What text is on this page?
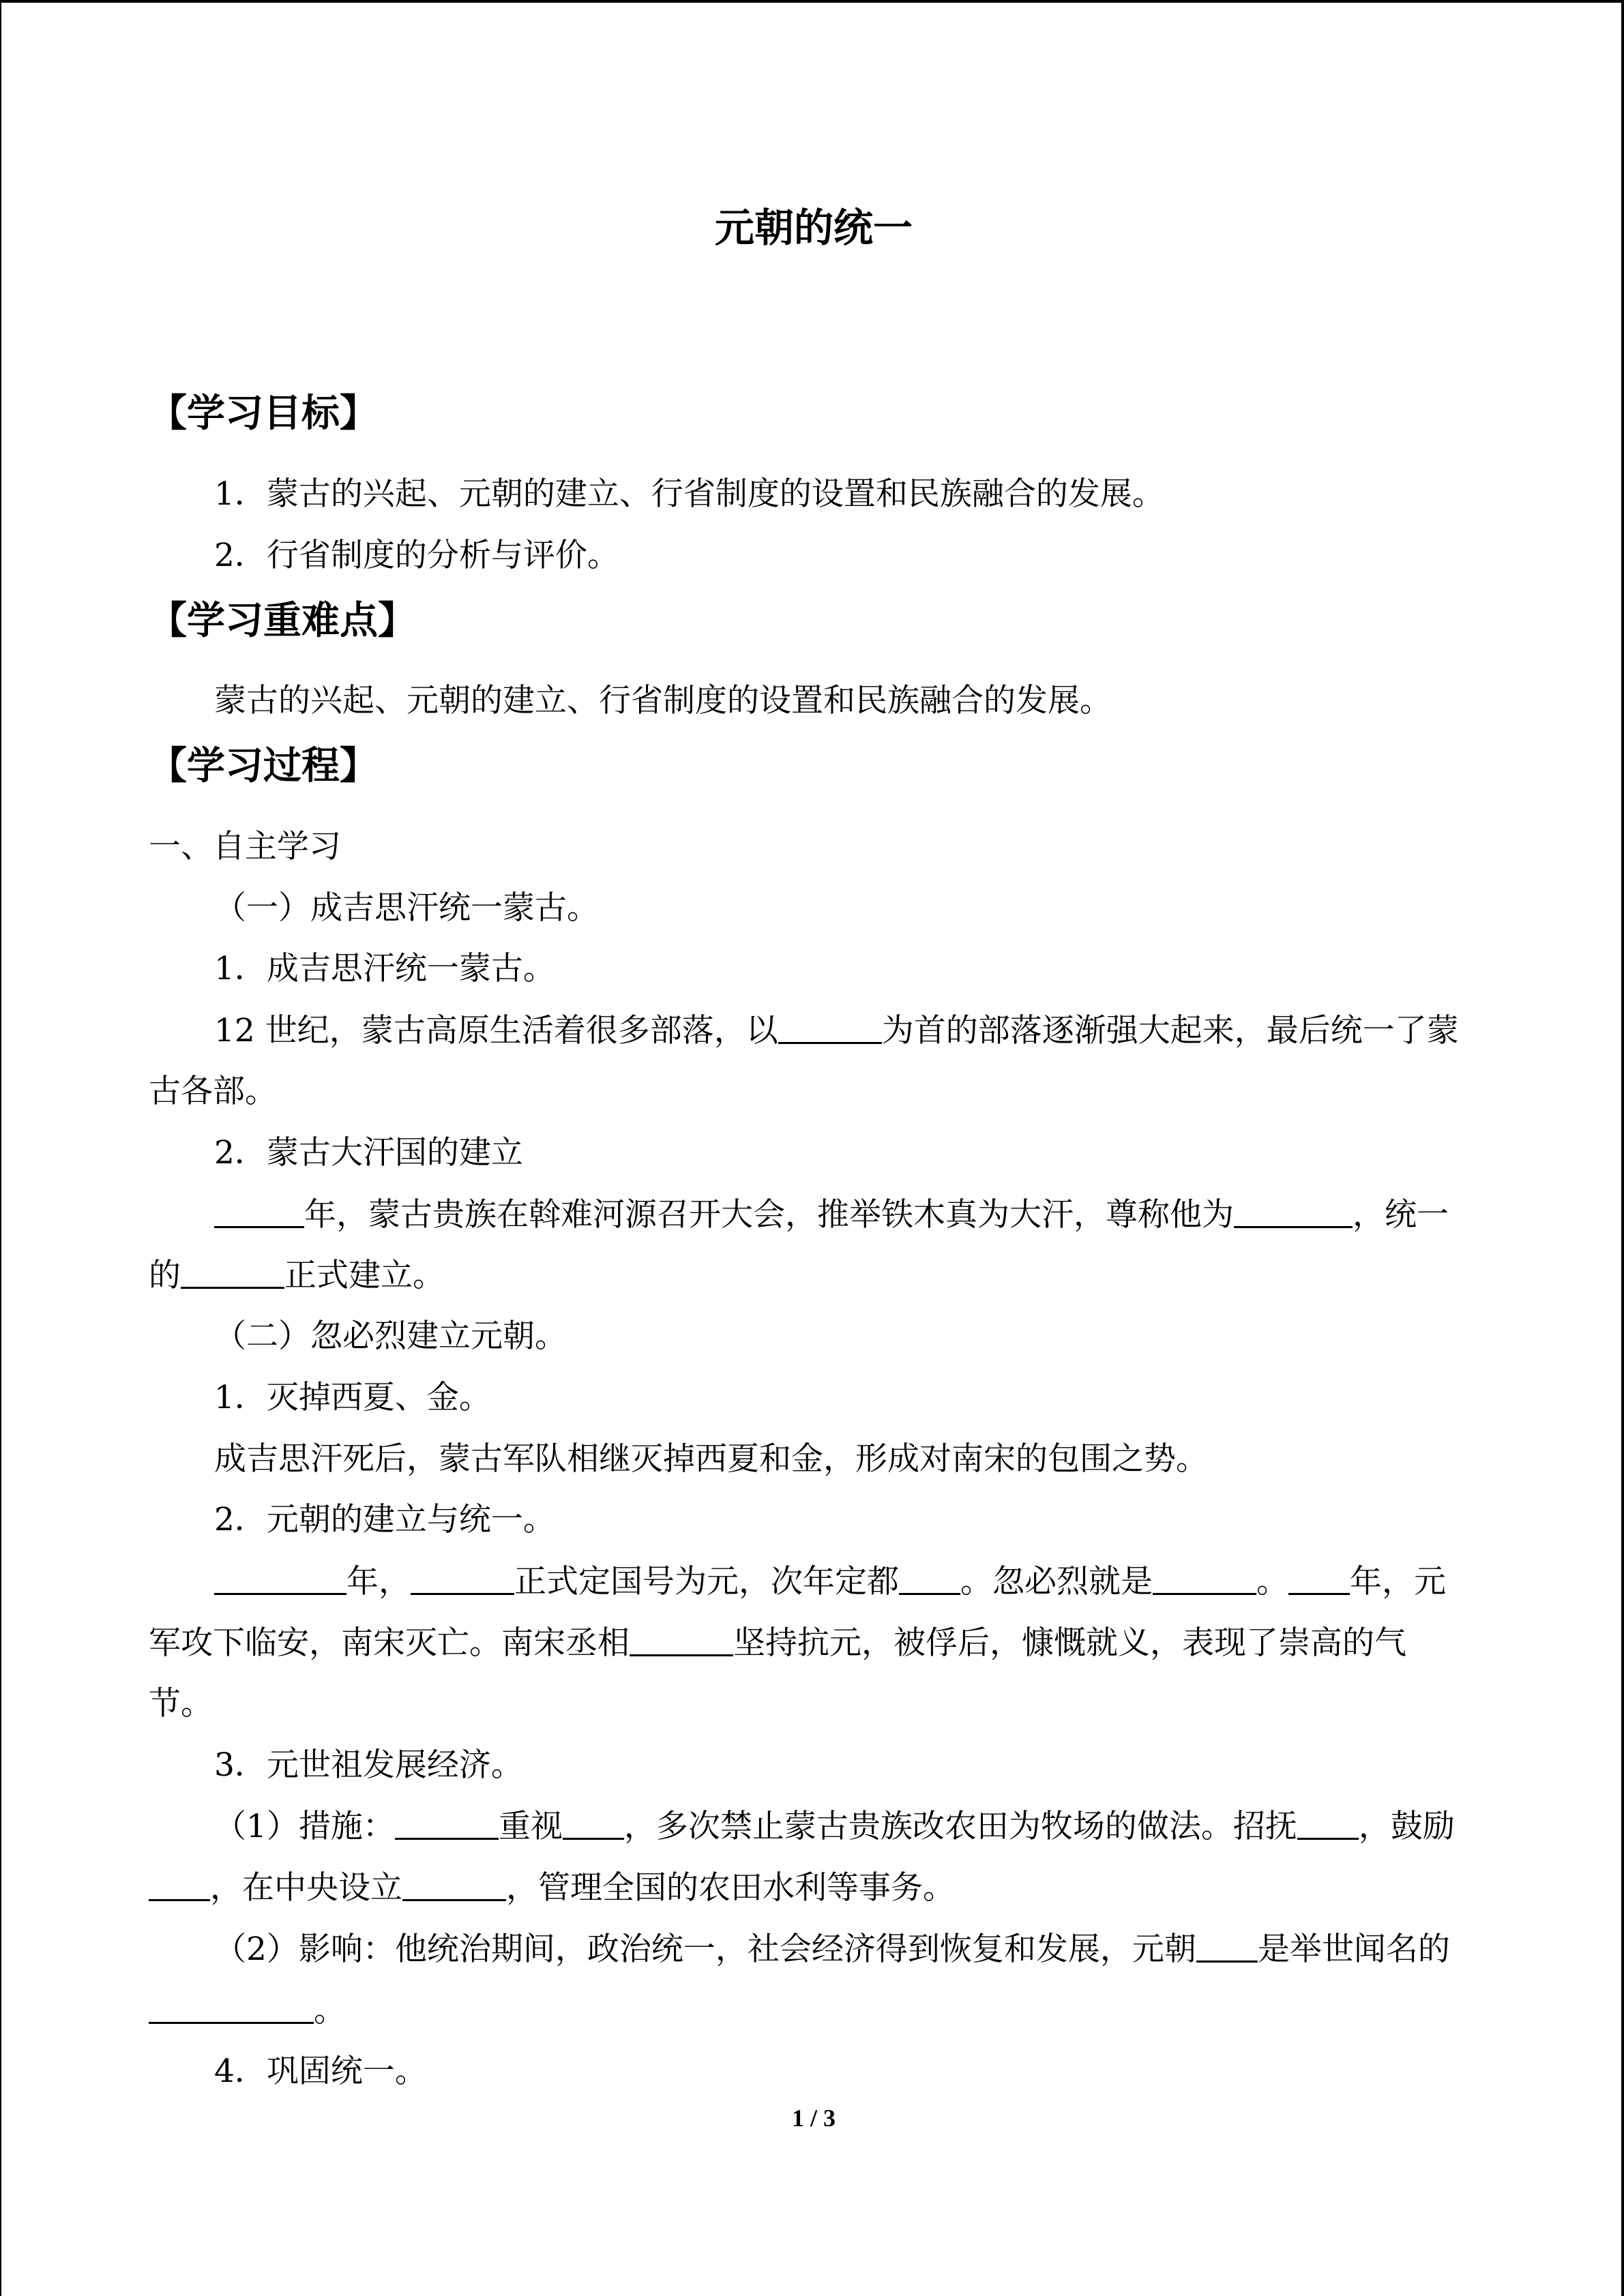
元朝的统一
【学习目标】
1．蒙古的兴起、元朝的建立、行省制度的设置和民族融合的发展。
2．行省制度的分析与评价。
【学习重难点】
蒙古的兴起、元朝的建立、行省制度的设置和民族融合的发展。
【学习过程】
一、自主学习
（一）成吉思汗统一蒙古。
1．成吉思汗统一蒙古。
12 世纪，蒙古高原生活着很多部落，以	为首的部落逐渐强大起来，最后统一了蒙
古各部。
2．蒙古大汗国的建立
年，蒙古贵族在斡难河源召开大会，推举铁木真为大汗，尊称他为	，统一
的	正式建立。
（二）忽必烈建立元朝。
1．灭掉西夏、金。
成吉思汗死后，蒙古军队相继灭掉西夏和金，形成对南宋的包围之势。
2．元朝的建立与统一。
年，	正式定国号为元，次年定都 。忽必烈就是	。 年，元
军攻下临安，南宋灭亡。南宋丞相	坚持抗元，被俘后，慷慨就义，表现了崇高的气
节。
3．元世祖发展经济。
（1）措施：	重视 ，多次禁止蒙古贵族改农田为牧场的做法。招抚 ，鼓励
，在中央设立	，管理全国的农田水利等事务。
（2）影响：他统治期间，政治统一，社会经济得到恢复和发展，元朝 是举世闻名的
。
4．巩固统一。
1 / 3
